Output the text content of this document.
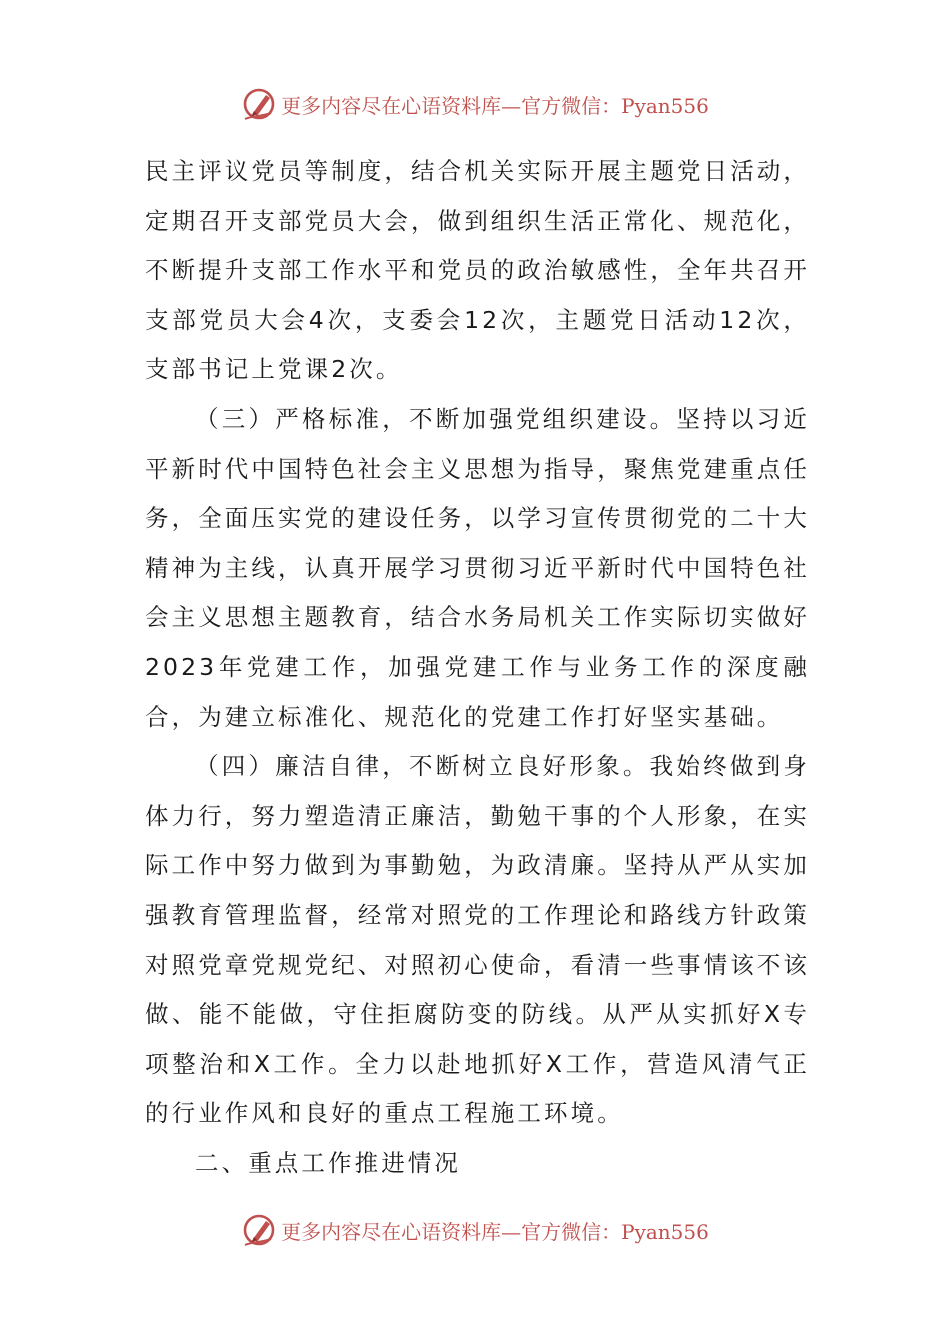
更多内容尽在心语资料库—官方微信：Pyan556

民主评议党员等制度，结合机关实际开展主题党日活动，定期召开支部党员大会，做到组织生活正常化、规范化，不断提升支部工作水平和党员的政治敏感性，全年共召开支部党员大会4次，支委会12次，主题党日活动12次，支部书记上党课2次。

（三）严格标准，不断加强党组织建设。坚持以习近平新时代中国特色社会主义思想为指导，聚焦党建重点任务，全面压实党的建设任务，以学习宣传贯彻党的二十大精神为主线，认真开展学习贯彻习近平新时代中国特色社会主义思想主题教育，结合水务局机关工作实际切实做好2023年党建工作，加强党建工作与业务工作的深度融合，为建立标准化、规范化的党建工作打好坚实基础。

（四）廉洁自律，不断树立良好形象。我始终做到身体力行，努力塑造清正廉洁，勤勉干事的个人形象，在实际工作中努力做到为事勤勉，为政清廉。坚持从严从实加强教育管理监督，经常对照党的工作理论和路线方针政策对照党章党规党纪、对照初心使命，看清一些事情该不该做、能不能做，守住拒腐防变的防线。从严从实抓好X专项整治和X工作。全力以赴地抓好X工作，营造风清气正的行业作风和良好的重点工程施工环境。

二、重点工作推进情况

更多内容尽在心语资料库—官方微信：Pyan556
